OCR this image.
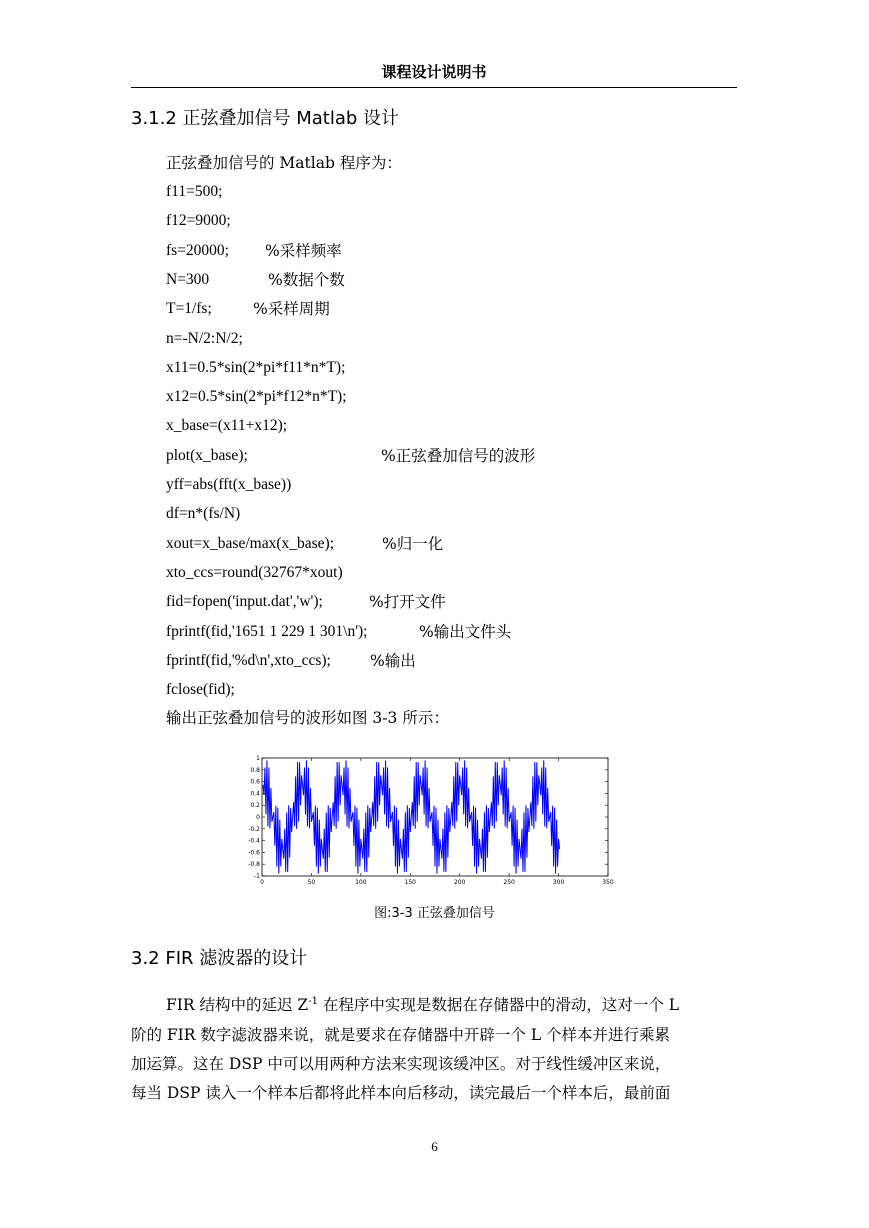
课程设计说明书
3.1.2 正弦叠加信号 Matlab 设计
正弦叠加信号的 Matlab 程序为：
f11=500;
f12=9000;
fs=20000; %采样频率
N=300	%数据个数
T=1/fs;	%采样周期
n=-N/2:N/2;
x11=0.5*sin(2*pi*f11*n*T);
x12=0.5*sin(2*pi*f12*n*T);
x_base=(x11+x12);
plot(x_base);	%正弦叠加信号的波形
yff=abs(fft(x_base))
df=n*(fs/N)
xout=x_base/max(x_base);	%归一化
xto_ccs=round(32767*xout)
fid=fopen('input.dat','w');	%打开文件
fprintf(fid,'1651 1 229 1 301\n');	%输出文件头
fprintf(fid,'%d\n',xto_ccs);	%输出
fclose(fid);
输出正弦叠加信号的波形如图 3-3 所示：
0	50	100	150	200	250	300	350
-1
-0.8
-0.6
-0.4
-0.2
0
0.2
0.4
0.6
0.8
1
图:3-3 正弦叠加信号
3.2 FIR 滤波器的设计
FIR 结构中的延迟 $Z^{-1}$ 在程序中实现是数据在存储器中的滑动，这对一个 L
阶的 FIR 数字滤波器来说，就是要求在存储器中开辟一个 L 个样本并进行乘累
加运算。这在 DSP 中可以用两种方法来实现该缓冲区。对于线性缓冲区来说，
每当 DSP 读入一个样本后都将此样本向后移动，读完最后一个样本后，最前面
6
